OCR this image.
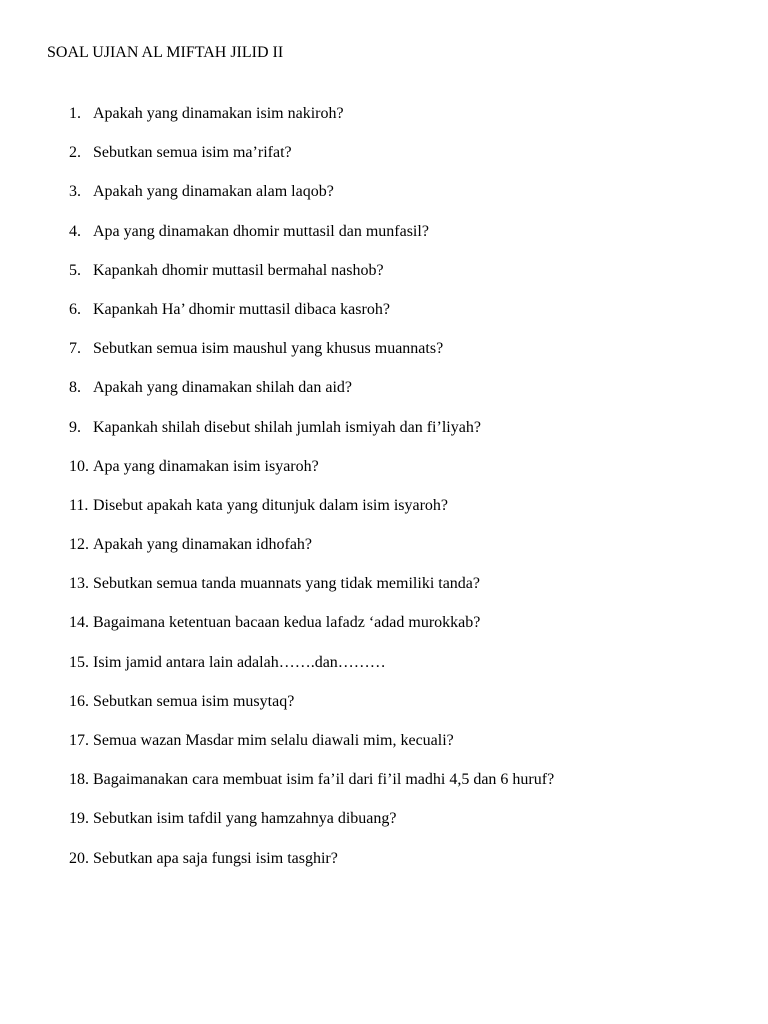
SOAL UJIAN AL MIFTAH JILID II
1. Apakah yang dinamakan isim nakiroh?
2. Sebutkan semua isim ma’rifat?
3. Apakah yang dinamakan alam laqob?
4. Apa yang dinamakan dhomir muttasil dan munfasil?
5. Kapankah dhomir muttasil bermahal nashob?
6. Kapankah Ha’ dhomir muttasil dibaca kasroh?
7. Sebutkan semua isim maushul yang khusus muannats?
8. Apakah yang dinamakan shilah dan aid?
9. Kapankah shilah disebut shilah jumlah ismiyah dan fi’liyah?
10. Apa yang dinamakan isim isyaroh?
11. Disebut apakah kata yang ditunjuk dalam isim isyaroh?
12. Apakah yang dinamakan idhofah?
13. Sebutkan semua tanda muannats yang tidak memiliki tanda?
14. Bagaimana ketentuan bacaan kedua lafadz ‘adad murokkab?
15. Isim jamid antara lain adalah…….dan………
16. Sebutkan semua isim musytaq?
17. Semua wazan Masdar mim selalu diawali mim, kecuali?
18. Bagaimanakan cara membuat isim fa’il dari fi’il madhi 4,5 dan 6 huruf?
19. Sebutkan isim tafdil yang hamzahnya dibuang?
20. Sebutkan apa saja fungsi isim tasghir?
